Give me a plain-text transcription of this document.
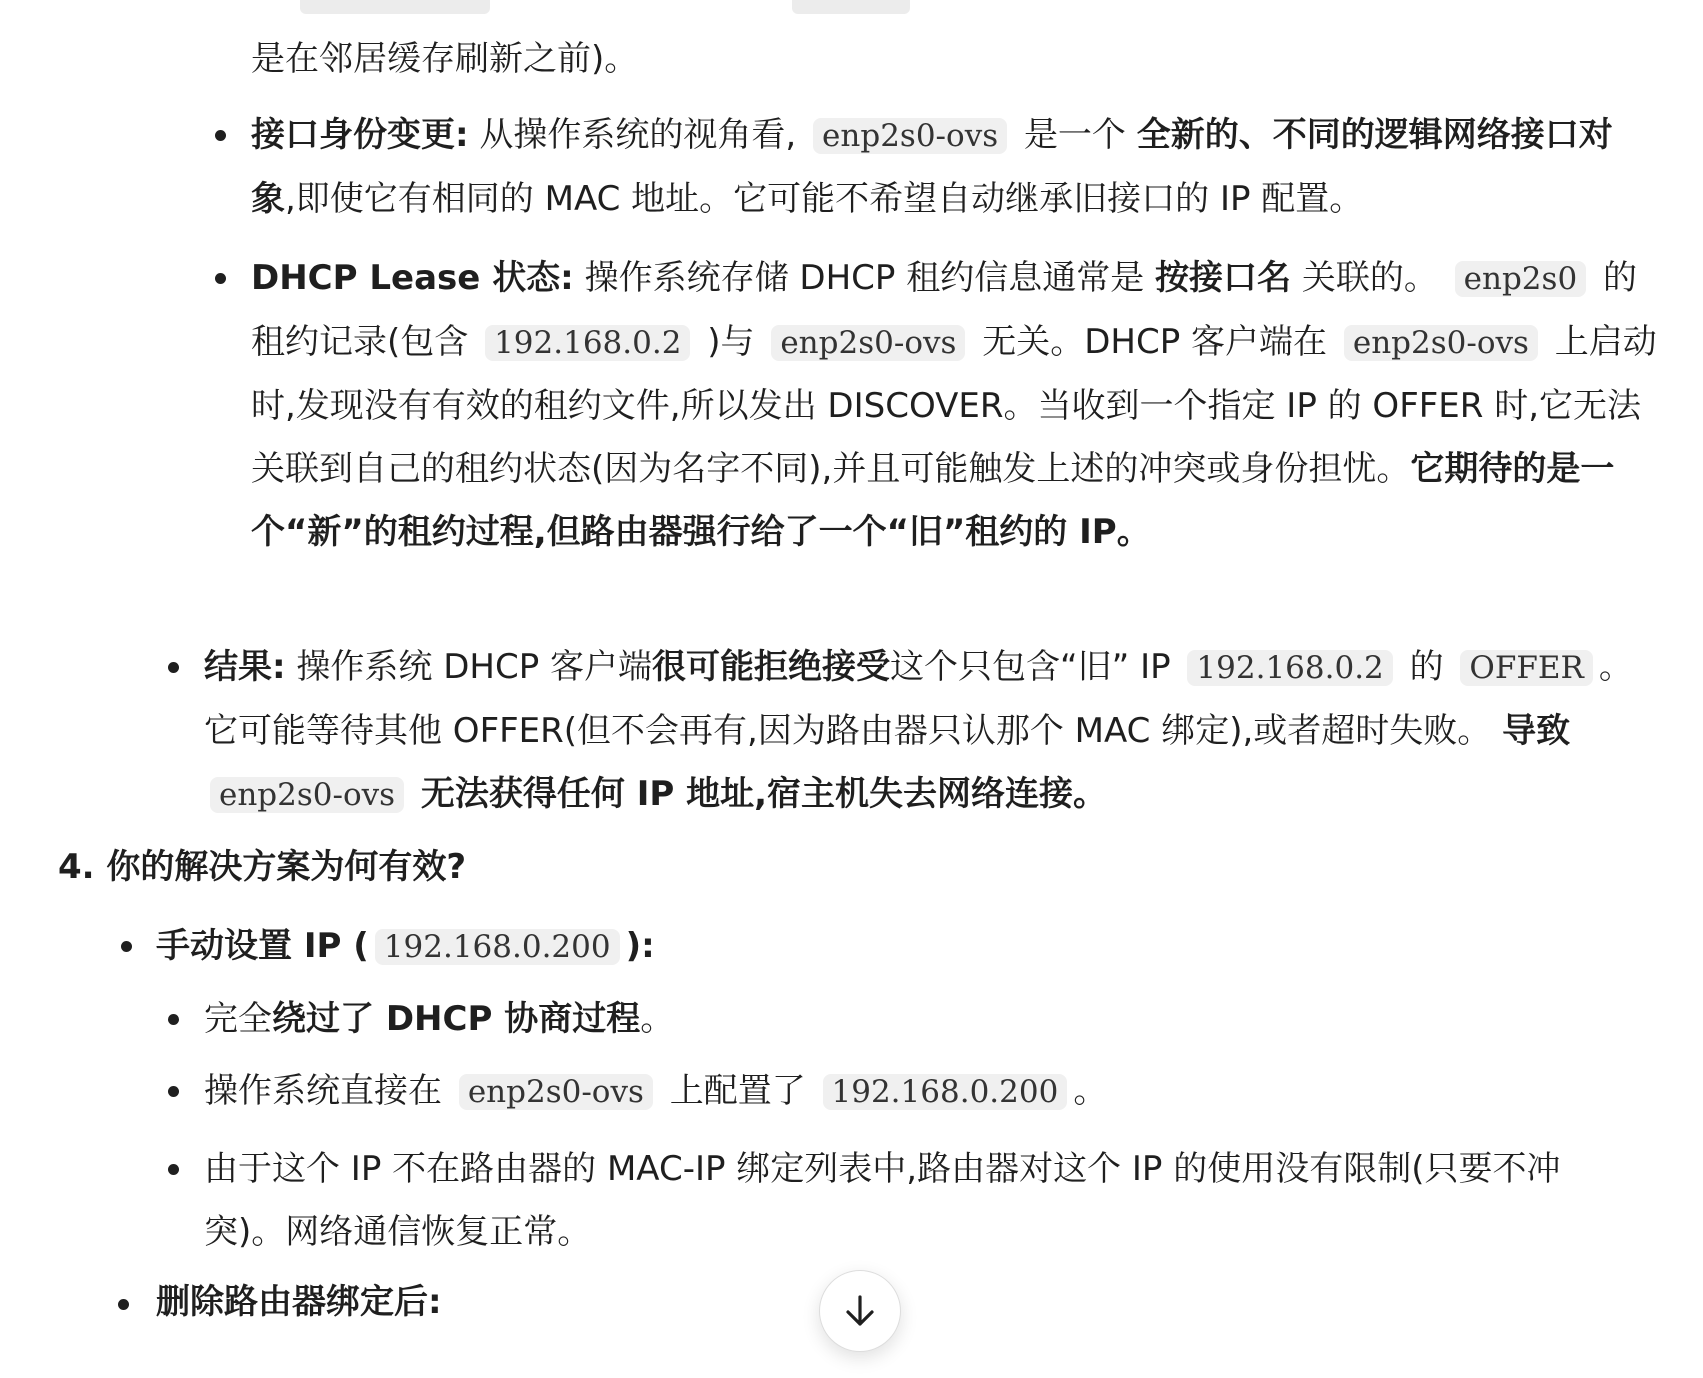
是在邻居缓存刷新之前)。

接口身份变更: 从操作系统的视角看, enp2s0-ovs 是一个 全新的、不同的逻辑网络接口对象,即使它有相同的 MAC 地址。它可能不希望自动继承旧接口的 IP 配置。
DHCP Lease 状态: 操作系统存储 DHCP 租约信息通常是 按接口名 关联的。 enp2s0 的租约记录(包含 192.168.0.2 )与 enp2s0-ovs 无关。DHCP 客户端在 enp2s0-ovs 上启动时,发现没有有效的租约文件,所以发出 DISCOVER。当收到一个指定 IP 的 OFFER 时,它无法关联到自己的租约状态(因为名字不同),并且可能触发上述的冲突或身份担忧。它期待的是一个“新”的租约过程,但路由器强行给了一个“旧”租约的 IP。
结果: 操作系统 DHCP 客户端很可能拒绝接受这个只包含“旧” IP 192.168.0.2 的 OFFER 。它可能等待其他 OFFER(但不会再有,因为路由器只认那个 MAC 绑定),或者超时失败。 导致 enp2s0-ovs 无法获得任何 IP 地址,宿主机失去网络连接。
4. 你的解决方案为何有效?
手动设置 IP ( 192.168.0.200 ):
完全绕过了 DHCP 协商过程。
操作系统直接在 enp2s0-ovs 上配置了 192.168.0.200 。
由于这个 IP 不在路由器的 MAC-IP 绑定列表中,路由器对这个 IP 的使用没有限制(只要不冲突)。网络通信恢复正常。
删除路由器绑定后:
